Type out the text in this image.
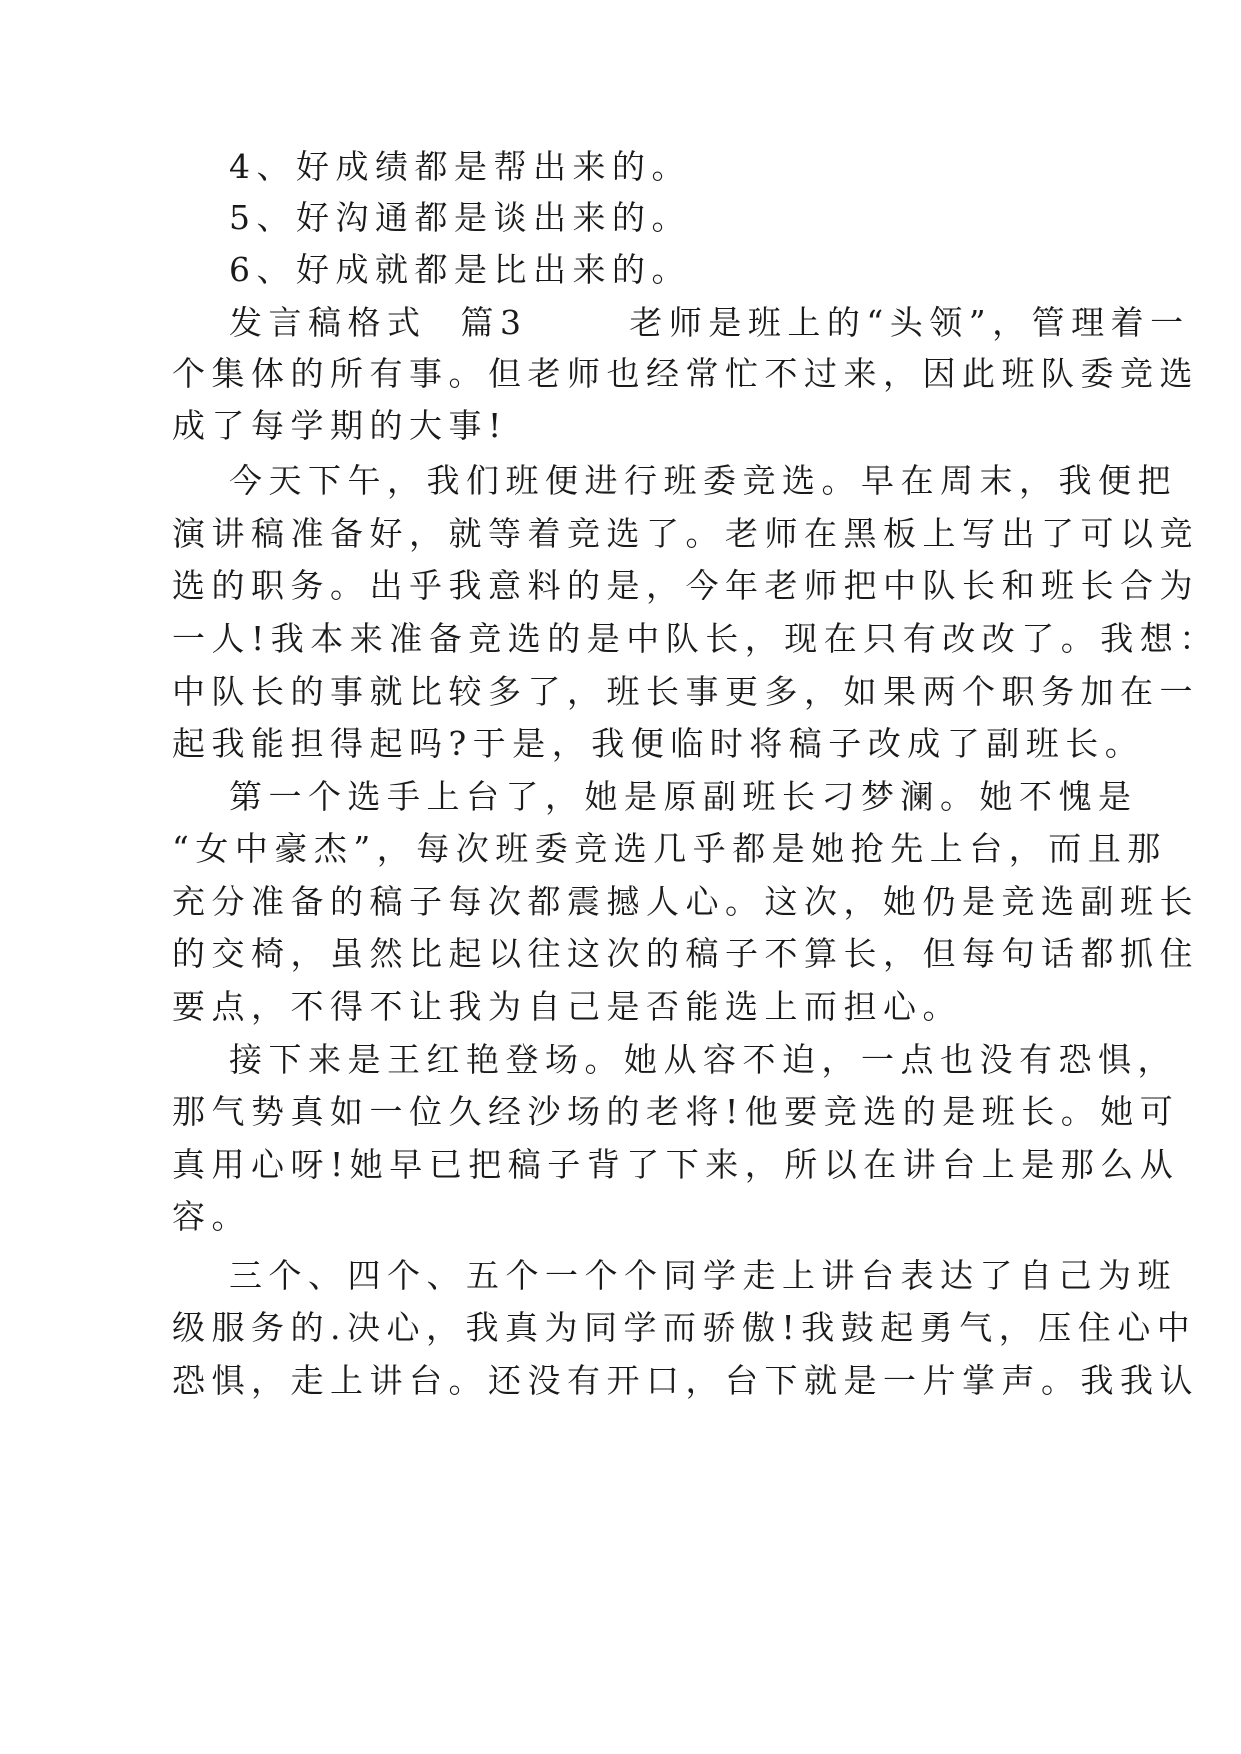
4、好成绩都是帮出来的。
5、好沟通都是谈出来的。
6、好成就都是比出来的。
发言稿格式  篇3      老师是班上的“头领”，管理着一
个集体的所有事。但老师也经常忙不过来，因此班队委竞选
成了每学期的大事!
今天下午，我们班便进行班委竞选。早在周末，我便把
演讲稿准备好，就等着竞选了。老师在黑板上写出了可以竞
选的职务。出乎我意料的是，今年老师把中队长和班长合为
一人!我本来准备竞选的是中队长，现在只有改改了。我想：
中队长的事就比较多了，班长事更多，如果两个职务加在一
起我能担得起吗?于是，我便临时将稿子改成了副班长。
第一个选手上台了，她是原副班长刁梦澜。她不愧是
“女中豪杰”，每次班委竞选几乎都是她抢先上台，而且那
充分准备的稿子每次都震撼人心。这次，她仍是竞选副班长
的交椅，虽然比起以往这次的稿子不算长，但每句话都抓住
要点，不得不让我为自己是否能选上而担心。
接下来是王红艳登场。她从容不迫，一点也没有恐惧，
那气势真如一位久经沙场的老将!他要竞选的是班长。她可
真用心呀!她早已把稿子背了下来，所以在讲台上是那么从
容。
三个、四个、五个一个个同学走上讲台表达了自己为班
级服务的.决心，我真为同学而骄傲!我鼓起勇气，压住心中
恐惧，走上讲台。还没有开口，台下就是一片掌声。我我认
